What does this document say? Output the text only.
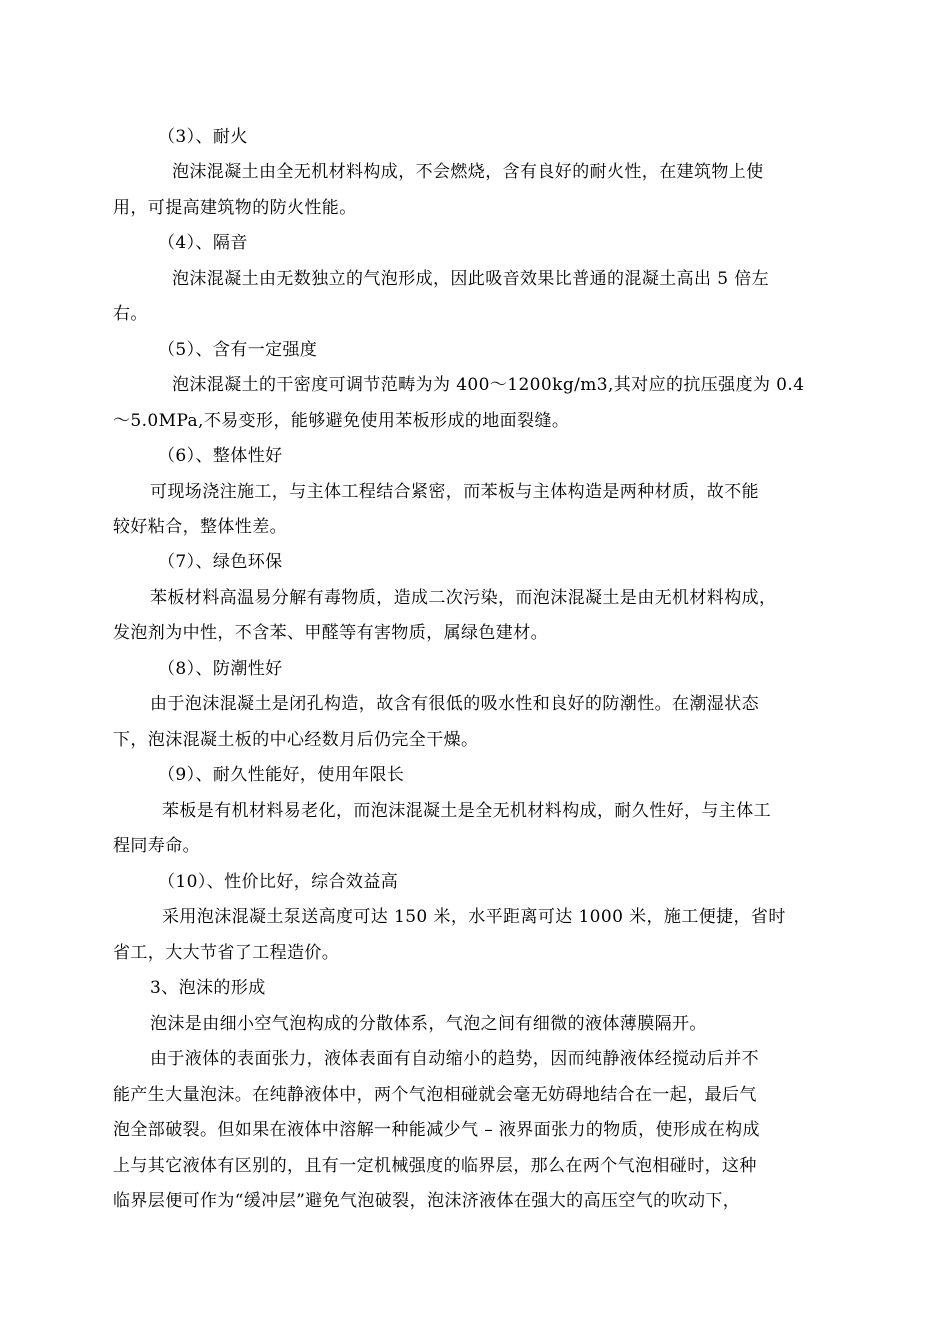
（3）、耐火
泡沫混凝土由全无机材料构成，不会燃烧，含有良好的耐火性，在建筑物上使
用，可提高建筑物的防火性能。
（4）、隔音
泡沫混凝土由无数独立的气泡形成，因此吸音效果比普通的混凝土高出 5 倍左
右。
（5）、含有一定强度
泡沫混凝土的干密度可调节范畴为为 400～1200kg/m3,其对应的抗压强度为 0.4
～5.0MPa,不易变形，能够避免使用苯板形成的地面裂缝。
（6）、整体性好
可现场浇注施工，与主体工程结合紧密，而苯板与主体构造是两种材质，故不能
较好粘合，整体性差。
（7）、绿色环保
苯板材料高温易分解有毒物质，造成二次污染，而泡沫混凝土是由无机材料构成，
发泡剂为中性，不含苯、甲醛等有害物质，属绿色建材。
（8）、防潮性好
由于泡沫混凝土是闭孔构造，故含有很低的吸水性和良好的防潮性。在潮湿状态
下，泡沫混凝土板的中心经数月后仍完全干燥。
（9）、耐久性能好，使用年限长
苯板是有机材料易老化，而泡沫混凝土是全无机材料构成，耐久性好，与主体工
程同寿命。
（10）、性价比好，综合效益高
采用泡沫混凝土泵送高度可达 150 米，水平距离可达 1000 米，施工便捷，省时
省工，大大节省了工程造价。
3、泡沫的形成
泡沫是由细小空气泡构成的分散体系，气泡之间有细微的液体薄膜隔开。
由于液体的表面张力，液体表面有自动缩小的趋势，因而纯静液体经搅动后并不
能产生大量泡沫。在纯静液体中，两个气泡相碰就会毫无妨碍地结合在一起，最后气
泡全部破裂。但如果在液体中溶解一种能减少气 – 液界面张力的物质，使形成在构成
上与其它液体有区别的，且有一定机械强度的临界层，那么在两个气泡相碰时，这种
临界层便可作为“缓冲层”避免气泡破裂，泡沫济液体在强大的高压空气的吹动下，
